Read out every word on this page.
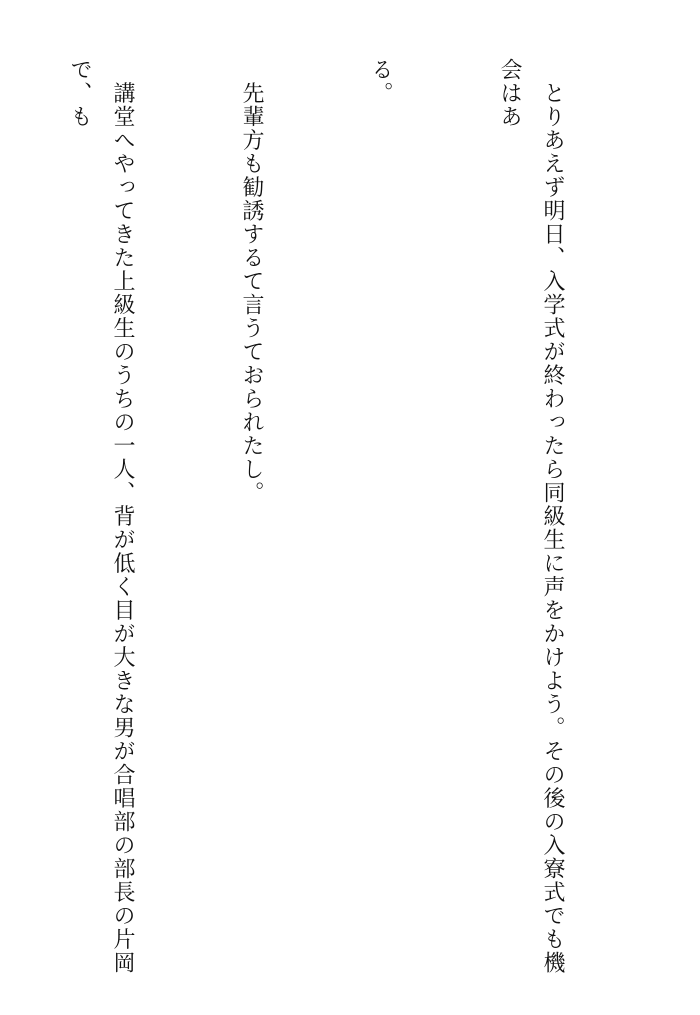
　とりあえず明日、入学式が終わったら同級生に声をかけよう。その後の入寮式でも機会はあ

る。

　先輩方も勧誘するて言うておられたし。

　講堂へやってきた上級生のうちの一人、背が低く目が大きな男が合唱部の部長の片岡で、も
